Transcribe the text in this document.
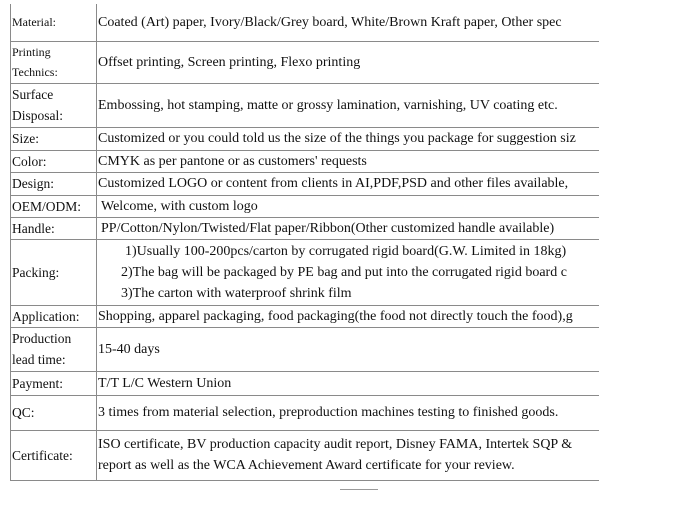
Material:	Coated (Art) paper, Ivory/Black/Grey board, White/Brown Kraft paper, Other spec

Printing Technics:	Offset printing, Screen printing, Flexo printing

Surface Disposal:	Embossing, hot stamping, matte or grossy lamination, varnishing, UV coating etc.

Size:	Customized or you could told us the size of the things you package for suggestion siz

Color:	CMYK as per pantone or as customers' requests

Design:	Customized LOGO or content from clients in AI,PDF,PSD and other files available,

OEM/ODM:	Welcome, with custom logo

Handle:	PP/Cotton/Nylon/Twisted/Flat paper/Ribbon(Other customized handle available)

Packing:	1)Usually 100-200pcs/carton by corrugated rigid board(G.W. Limited in 18kg)
2)The bag will be packaged by PE bag and put into the corrugated rigid board c
3)The carton with waterproof shrink film

Application:	Shopping, apparel packaging, food packaging(the food not directly touch the food),g

Production lead time:	15-40 days

Payment:	T/T L/C Western Union

QC:	3 times from material selection, preproduction machines testing to finished goods.

Certificate:	ISO certificate, BV production capacity audit report, Disney FAMA, Intertek SQP &
report as well as the WCA Achievement Award certificate for your review.
